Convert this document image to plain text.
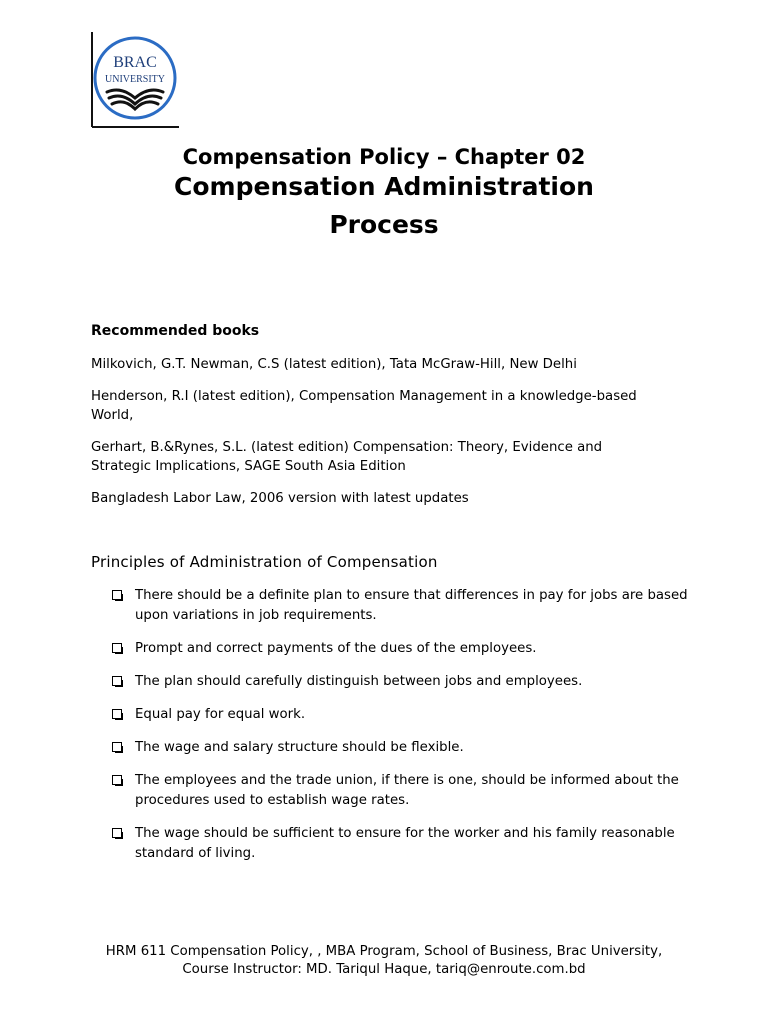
BRAC
UNIVERSITY
Compensation Policy – Chapter 02
Compensation Administration
Process
Recommended books
Milkovich, G.T. Newman, C.S (latest edition), Tata McGraw-Hill, New Delhi
Henderson, R.I (latest edition), Compensation Management in a knowledge-based World,
Gerhart, B.&Rynes, S.L. (latest edition) Compensation: Theory, Evidence and Strategic Implications, SAGE South Asia Edition
Bangladesh Labor Law, 2006 version with latest updates
Principles of Administration of Compensation
There should be a definite plan to ensure that differences in pay for jobs are based upon variations in job requirements.
Prompt and correct payments of the dues of the employees.
The plan should carefully distinguish between jobs and employees.
Equal pay for equal work.
The wage and salary structure should be flexible.
The employees and the trade union, if there is one, should be informed about the procedures used to establish wage rates.
The wage should be sufficient to ensure for the worker and his family reasonable standard of living.
HRM 611 Compensation Policy, , MBA Program, School of Business, Brac University,
Course Instructor: MD. Tariqul Haque, tariq@enroute.com.bd
